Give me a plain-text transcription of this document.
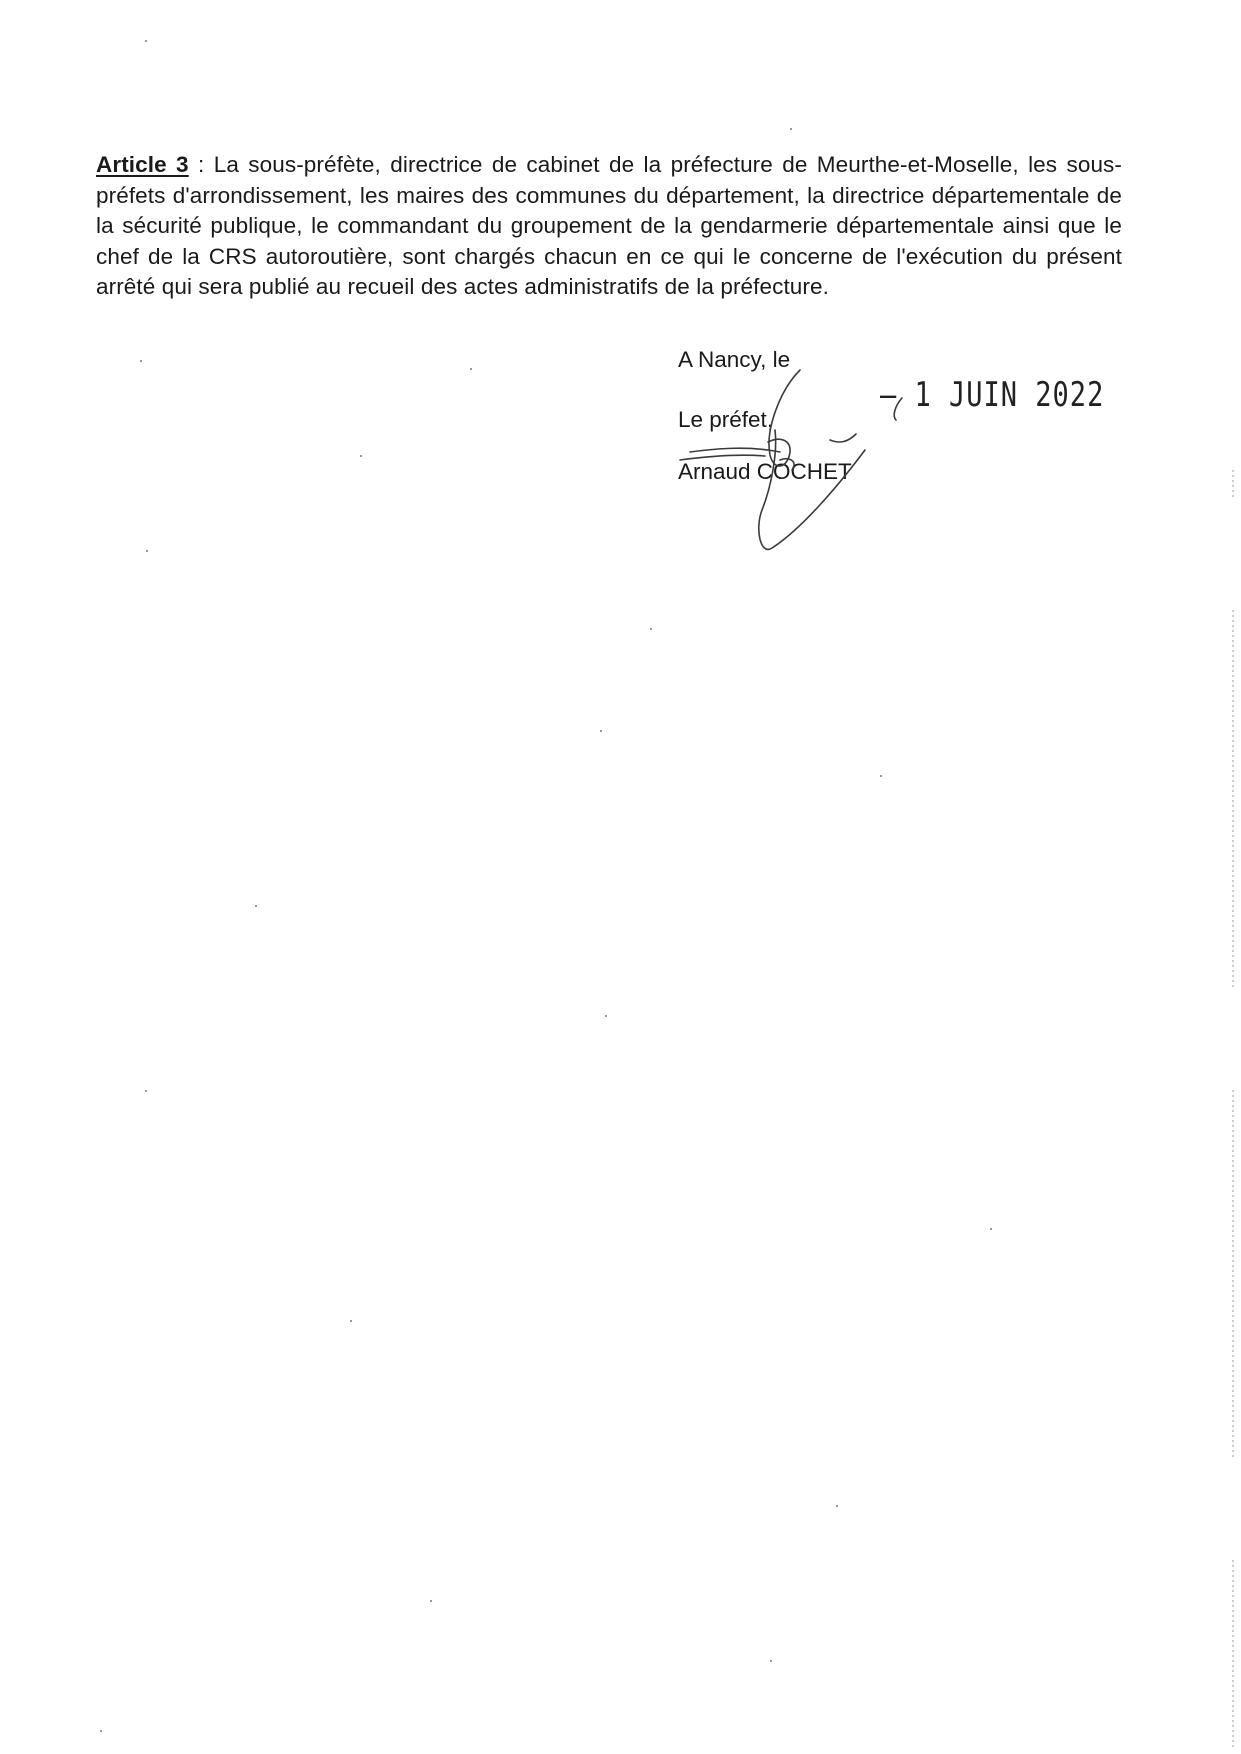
Article 3 : La sous-préfète, directrice de cabinet de la préfecture de Meurthe-et-Moselle, les sous-préfets d'arrondissement, les maires des communes du département, la directrice départementale de la sécurité publique, le commandant du groupement de la gendarmerie départementale ainsi que le chef de la CRS autoroutière, sont chargés chacun en ce qui le concerne de l'exécution du présent arrêté qui sera publié au recueil des actes administratifs de la préfecture.

A Nancy, le
Le préfet,
Arnaud COCHET
– 1 JUIN 2022
